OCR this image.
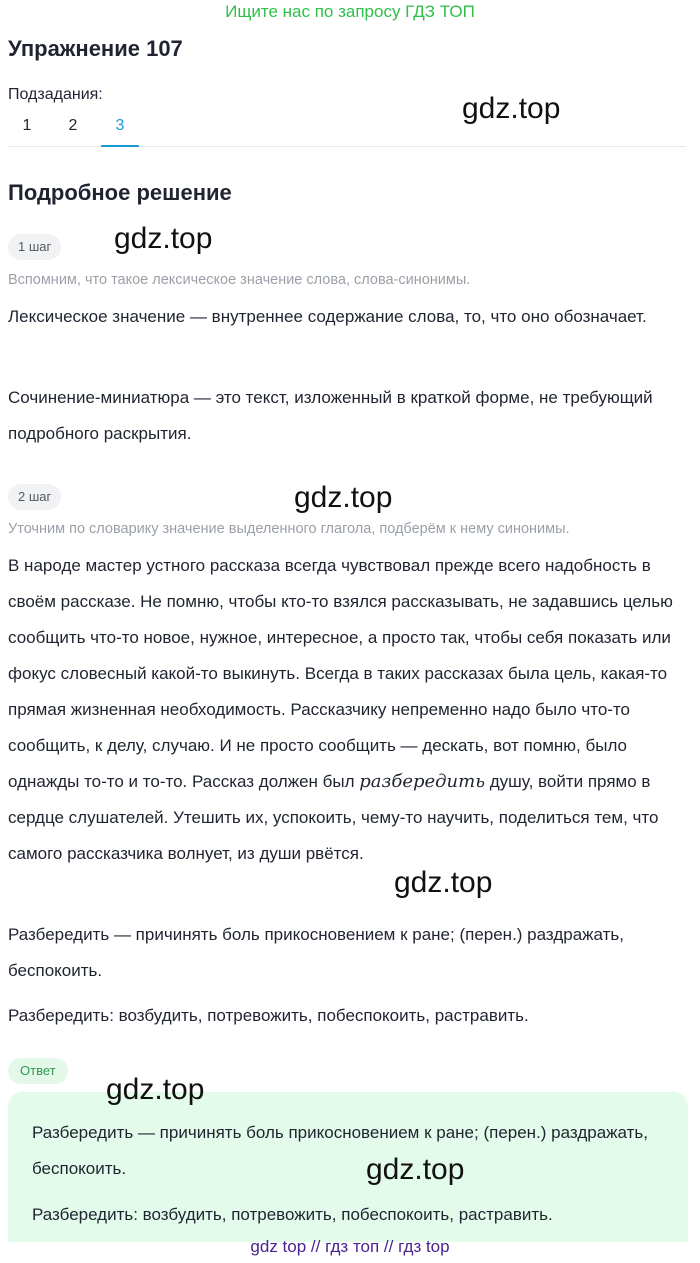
Ищите нас по запросу ГДЗ ТОП
Упражнение 107
Подзадания:
1	2	3
gdz.top
Подробное решение
1 шаг	gdz.top
Вспомним, что такое лексическое значение слова, слова-синонимы.

Лексическое значение — внутреннее содержание слова, то, что оно обозначает.

Сочинение-миниатюра — это текст, изложенный в краткой форме, не требующий подробного раскрытия.

2 шаг	gdz.top
Уточним по словарику значение выделенного глагола, подберём к нему синонимы.

В народе мастер устного рассказа всегда чувствовал прежде всего надобность в своём рассказе. Не помню, чтобы кто-то взялся рассказывать, не задавшись целью сообщить что-то новое, нужное, интересное, а просто так, чтобы себя показать или фокус словесный какой-то выкинуть. Всегда в таких рассказах была цель, какая-то прямая жизненная необходимость. Рассказчику непременно надо было что-то сообщить, к делу, случаю. И не просто сообщить — дескать, вот помню, было однажды то-то и то-то. Рассказ должен был разбередить душу, войти прямо в сердце слушателей. Утешить их, успокоить, чему-то научить, поделиться тем, что самого рассказчика волнует, из души рвётся.

gdz.top

Разбередить — причинять боль прикосновением к ране; (перен.) раздражать, беспокоить.

Разбередить: возбудить, потревожить, побеспокоить, растравить.

Ответ
gdz.top

Разбередить — причинять боль прикосновением к ране; (перен.) раздражать, беспокоить.	gdz.top

Разбередить: возбудить, потревожить, побеспокоить, растравить.

gdz top // гдз топ // гдз top
